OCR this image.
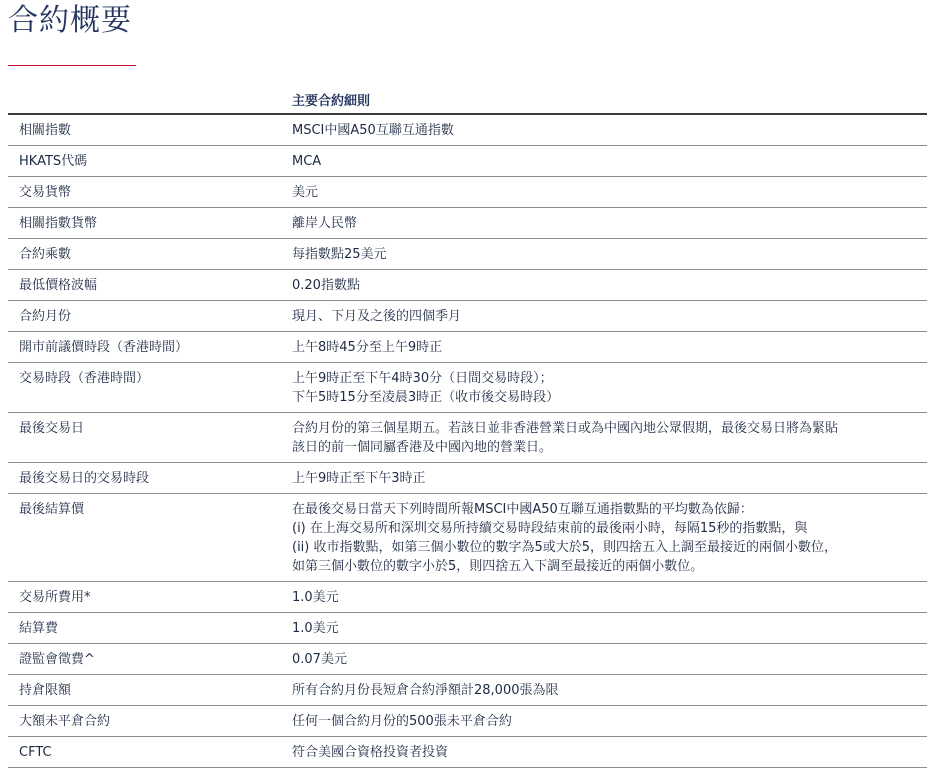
合約概要
	主要合約細則
相關指數	MSCI中國A50互聯互通指數

HKATS代碼	MCA

交易貨幣	美元

相關指數貨幣	離岸人民幣

合約乘數	每指數點25美元

最低價格波幅	0.20指數點

合約月份	現月、下月及之後的四個季月

開市前議價時段（香港時間）	上午8時45分至上午9時正

交易時段（香港時間）	上午9時正至下午4時30分（日間交易時段）；
下午5時15分至凌晨3時正（收市後交易時段）

最後交易日	合約月份的第三個星期五。若該日並非香港營業日或為中國內地公眾假期，最後交易日將為緊貼
該日的前一個同屬香港及中國內地的營業日。

最後交易日的交易時段	上午9時正至下午3時正

最後結算價	在最後交易日當天下列時間所報MSCI中國A50互聯互通指數點的平均數為依歸：
(i) 在上海交易所和深圳交易所持續交易時段結束前的最後兩小時，每隔15秒的指數點，與
(ii) 收市指數點，如第三個小數位的數字為5或大於5，則四捨五入上調至最接近的兩個小數位，
如第三個小數位的數字小於5，則四捨五入下調至最接近的兩個小數位。

交易所費用*	1.0美元

結算費	1.0美元

證監會徵費^	0.07美元

持倉限額	所有合約月份長短倉合約淨額計28,000張為限

大額未平倉合約	任何一個合約月份的500張未平倉合約

CFTC	符合美國合資格投資者投資
